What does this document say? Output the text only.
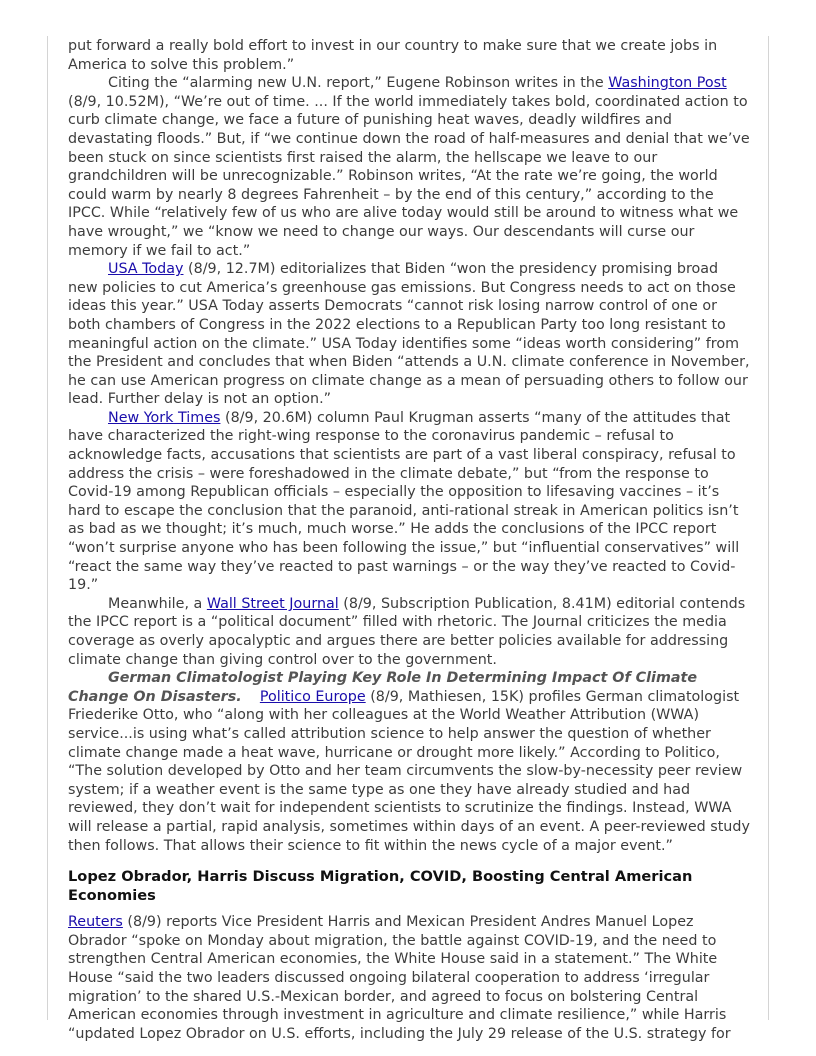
put forward a really bold effort to invest in our country to make sure that we create jobs in America to solve this problem.”

Citing the “alarming new U.N. report,” Eugene Robinson writes in the Washington Post (8/9, 10.52M), “We’re out of time. ... If the world immediately takes bold, coordinated action to curb climate change, we face a future of punishing heat waves, deadly wildfires and devastating floods.” But, if “we continue down the road of half-measures and denial that we’ve been stuck on since scientists first raised the alarm, the hellscape we leave to our grandchildren will be unrecognizable.” Robinson writes, “At the rate we’re going, the world could warm by nearly 8 degrees Fahrenheit – by the end of this century,” according to the IPCC. While “relatively few of us who are alive today would still be around to witness what we have wrought,” we “know we need to change our ways. Our descendants will curse our memory if we fail to act.”

USA Today (8/9, 12.7M) editorializes that Biden “won the presidency promising broad new policies to cut America’s greenhouse gas emissions. But Congress needs to act on those ideas this year.” USA Today asserts Democrats “cannot risk losing narrow control of one or both chambers of Congress in the 2022 elections to a Republican Party too long resistant to meaningful action on the climate.” USA Today identifies some “ideas worth considering” from the President and concludes that when Biden “attends a U.N. climate conference in November, he can use American progress on climate change as a mean of persuading others to follow our lead. Further delay is not an option.”

New York Times (8/9, 20.6M) column Paul Krugman asserts “many of the attitudes that have characterized the right-wing response to the coronavirus pandemic – refusal to acknowledge facts, accusations that scientists are part of a vast liberal conspiracy, refusal to address the crisis – were foreshadowed in the climate debate,” but “from the response to Covid-19 among Republican officials – especially the opposition to lifesaving vaccines – it’s hard to escape the conclusion that the paranoid, anti-rational streak in American politics isn’t as bad as we thought; it’s much, much worse.” He adds the conclusions of the IPCC report “won’t surprise anyone who has been following the issue,” but “influential conservatives” will “react the same way they’ve reacted to past warnings – or the way they’ve reacted to Covid-19.”

Meanwhile, a Wall Street Journal (8/9, Subscription Publication, 8.41M) editorial contends the IPCC report is a “political document” filled with rhetoric. The Journal criticizes the media coverage as overly apocalyptic and argues there are better policies available for addressing climate change than giving control over to the government.

German Climatologist Playing Key Role In Determining Impact Of Climate Change On Disasters. Politico Europe (8/9, Mathiesen, 15K) profiles German climatologist Friederike Otto, who “along with her colleagues at the World Weather Attribution (WWA) service...is using what’s called attribution science to help answer the question of whether climate change made a heat wave, hurricane or drought more likely.” According to Politico, “The solution developed by Otto and her team circumvents the slow-by-necessity peer review system; if a weather event is the same type as one they have already studied and had reviewed, they don’t wait for independent scientists to scrutinize the findings. Instead, WWA will release a partial, rapid analysis, sometimes within days of an event. A peer-reviewed study then follows. That allows their science to fit within the news cycle of a major event.”

Lopez Obrador, Harris Discuss Migration, COVID, Boosting Central American Economies

Reuters (8/9) reports Vice President Harris and Mexican President Andres Manuel Lopez Obrador “spoke on Monday about migration, the battle against COVID-19, and the need to strengthen Central American economies, the White House said in a statement.” The White House “said the two leaders discussed ongoing bilateral cooperation to address ‘irregular migration’ to the shared U.S.-Mexican border, and agreed to focus on bolstering Central American economies through investment in agriculture and climate resilience,” while Harris “updated Lopez Obrador on U.S. efforts, including the July 29 release of the U.S. strategy for
